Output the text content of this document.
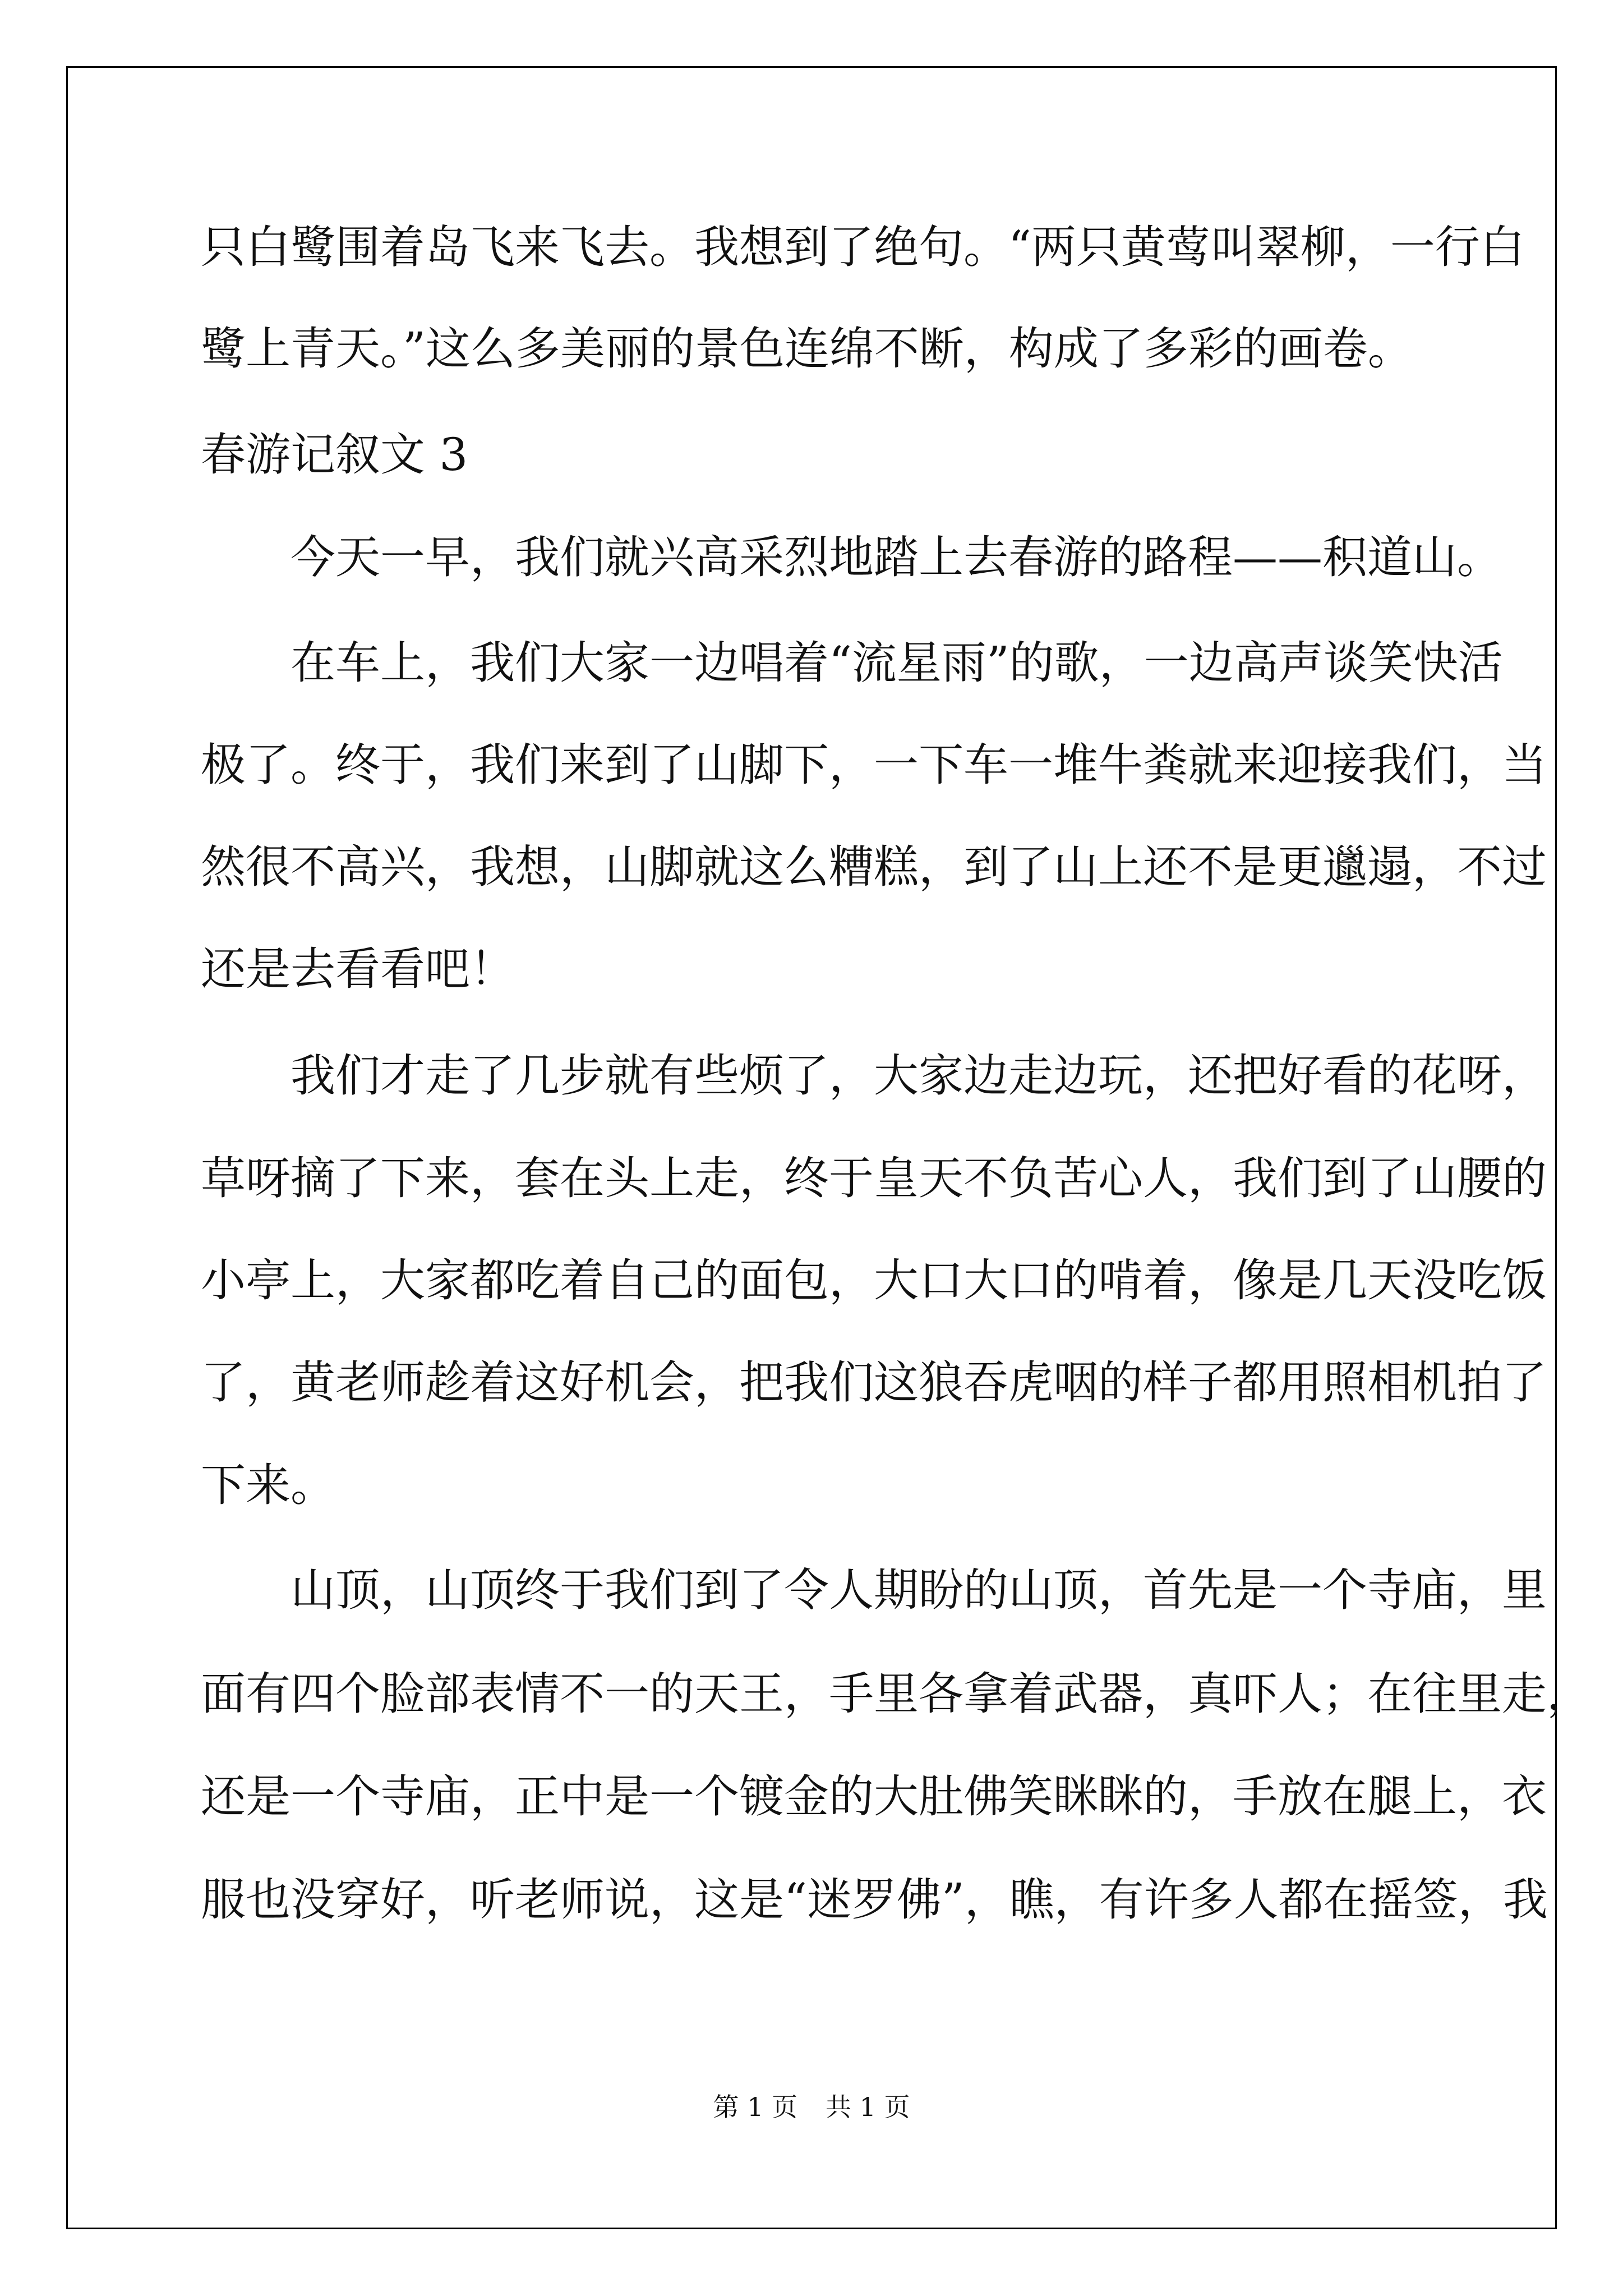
只白鹭围着岛飞来飞去。我想到了绝句。“两只黄莺叫翠柳，一行白

鹭上青天。”这么多美丽的景色连绵不断，构成了多彩的画卷。

春游记叙文 3

　　今天一早，我们就兴高采烈地踏上去春游的路程——积道山。

　　在车上，我们大家一边唱着“流星雨”的歌，一边高声谈笑快活

极了。终于，我们来到了山脚下，一下车一堆牛粪就来迎接我们，当

然很不高兴，我想，山脚就这么糟糕，到了山上还不是更邋遢，不过

还是去看看吧！

　　我们才走了几步就有些烦了，大家边走边玩，还把好看的花呀，

草呀摘了下来，套在头上走，终于皇天不负苦心人，我们到了山腰的

小亭上，大家都吃着自己的面包，大口大口的啃着，像是几天没吃饭

了，黄老师趁着这好机会，把我们这狼吞虎咽的样子都用照相机拍了

下来。

　　山顶，山顶终于我们到了令人期盼的山顶，首先是一个寺庙，里

面有四个脸部表情不一的天王，手里各拿着武器，真吓人；在往里走，

还是一个寺庙，正中是一个镀金的大肚佛笑眯眯的，手放在腿上，衣

服也没穿好，听老师说，这是“迷罗佛”，瞧，有许多人都在摇签，我

第 1 页 共 1 页
